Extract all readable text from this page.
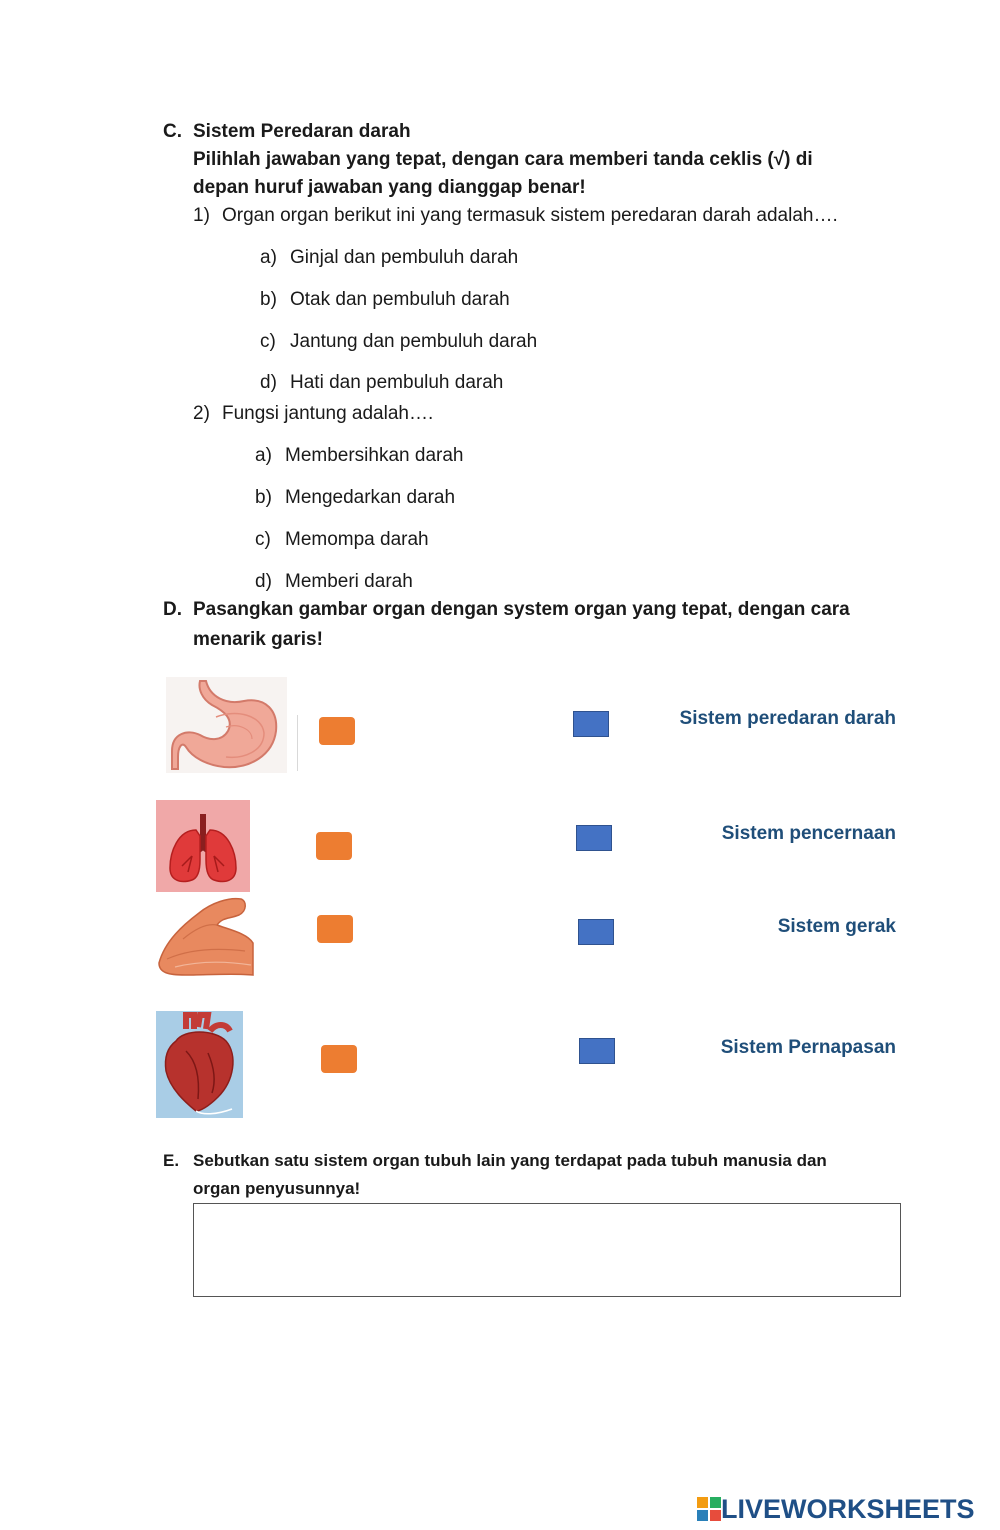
C. Sistem Peredaran darah
Pilihlah jawaban yang tepat, dengan cara memberi tanda ceklis (√) di
depan huruf jawaban yang dianggap benar!
1) Organ organ berikut ini yang termasuk sistem peredaran darah adalah….
a) Ginjal dan pembuluh darah
b) Otak dan pembuluh darah
c) Jantung dan pembuluh darah
d) Hati dan pembuluh darah
2) Fungsi jantung adalah….
a) Membersihkan darah
b) Mengedarkan darah
c) Memompa darah
d) Memberi darah
D. Pasangkan gambar organ dengan system organ yang tepat, dengan cara
menarik garis!
Sistem peredaran darah
Sistem pencernaan
Sistem gerak
Sistem Pernapasan
E. Sebutkan satu sistem organ tubuh lain yang terdapat pada tubuh manusia dan
organ penyusunnya!
LIVEWORKSHEETS
